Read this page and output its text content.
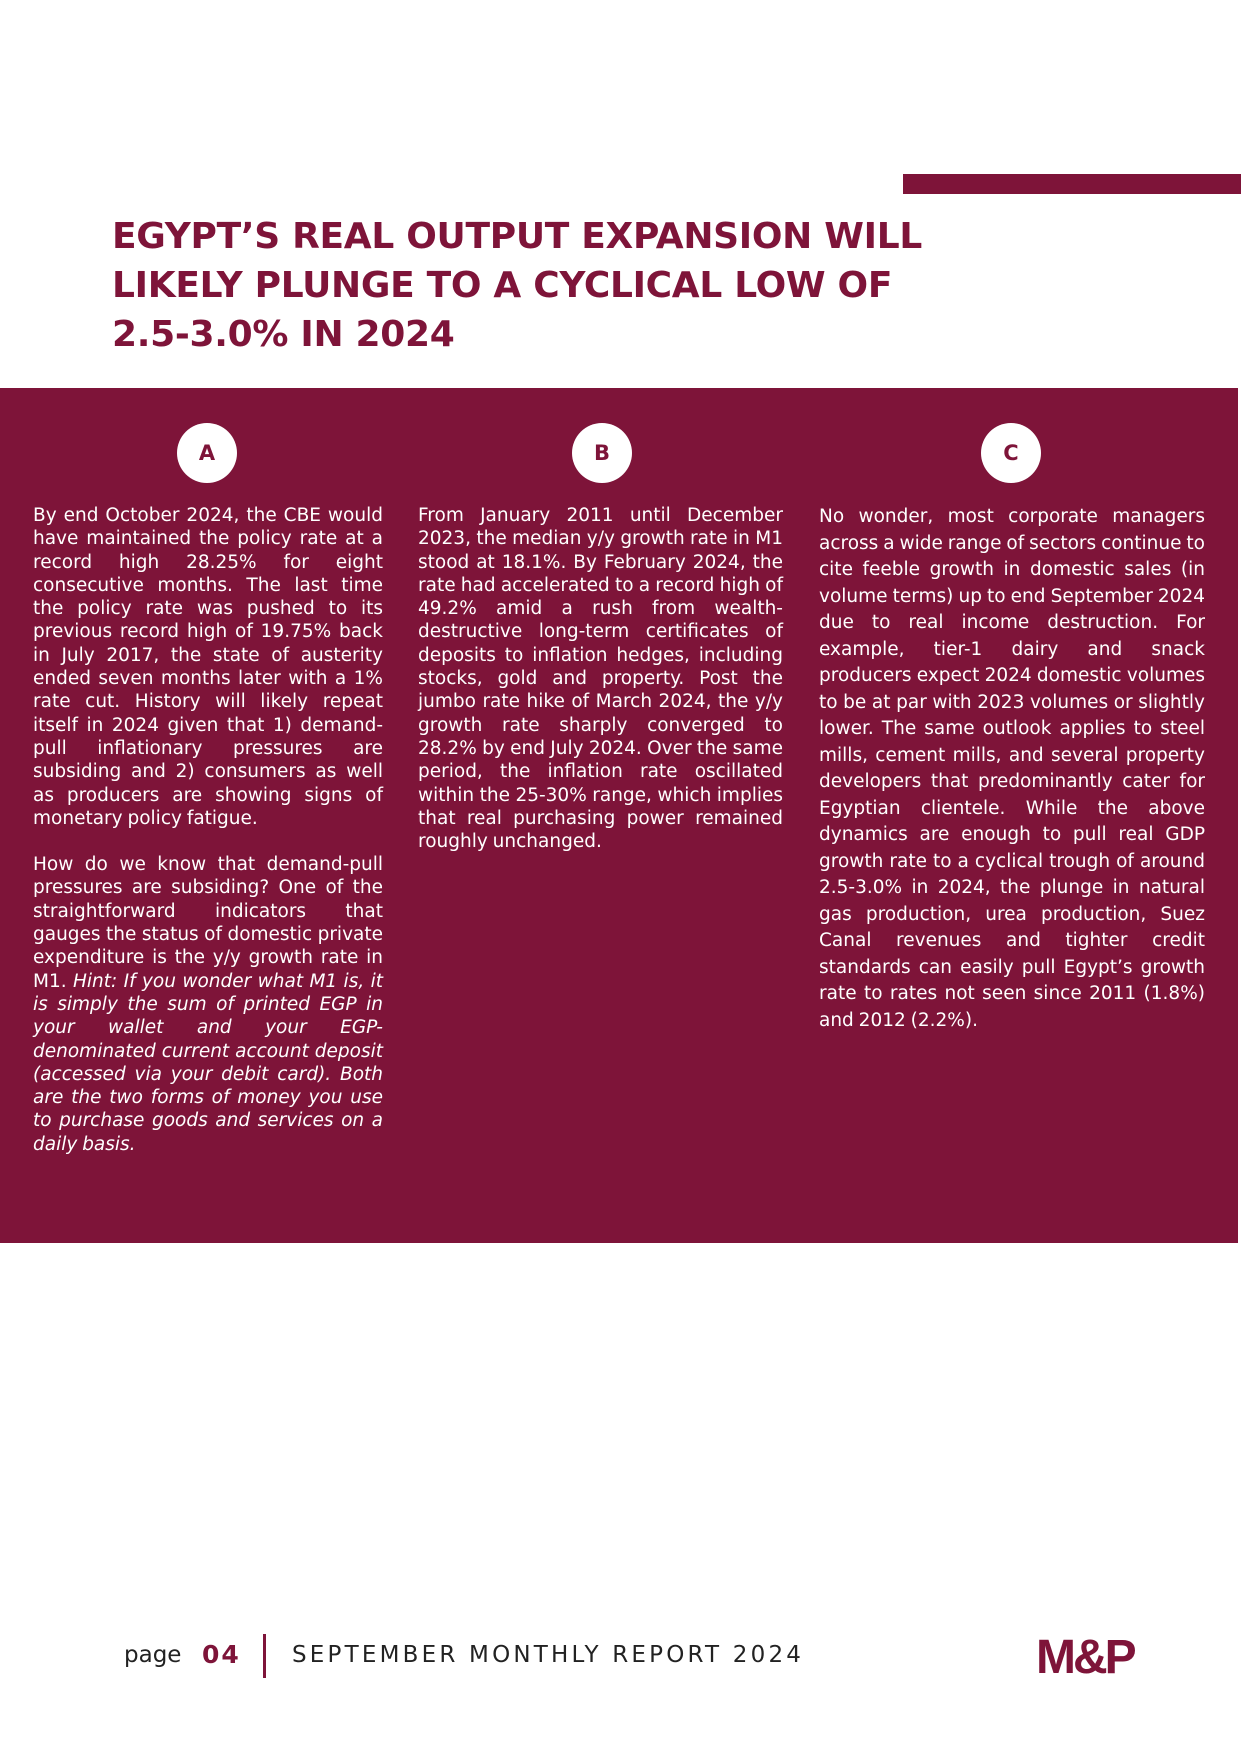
EGYPT’S REAL OUTPUT EXPANSION WILL
LIKELY PLUNGE TO A CYCLICAL LOW OF
2.5-3.0% IN 2024
A	B	C

By end October 2024, the CBE would have maintained the policy rate at a record high 28.25% for eight consecutive months. The last time the policy rate was pushed to its previous record high of 19.75% back in July 2017, the state of austerity ended seven months later with a 1% rate cut. History will likely repeat itself in 2024 given that 1) demand-pull inflationary pressures are subsiding and 2) consumers as well as producers are showing signs of monetary policy fatigue.

How do we know that demand-pull pressures are subsiding? One of the straightforward indicators that gauges the status of domestic private expenditure is the y/y growth rate in M1. Hint: If you wonder what M1 is, it is simply the sum of printed EGP in your wallet and your EGP-denominated current account deposit (accessed via your debit card). Both are the two forms of money you use to purchase goods and services on a daily basis.

From January 2011 until December 2023, the median y/y growth rate in M1 stood at 18.1%. By February 2024, the rate had accelerated to a record high of 49.2% amid a rush from wealth-destructive long-term certificates of deposits to inflation hedges, including stocks, gold and property. Post the jumbo rate hike of March 2024, the y/y growth rate sharply converged to 28.2% by end July 2024. Over the same period, the inflation rate oscillated within the 25-30% range, which implies that real purchasing power remained roughly unchanged.

No wonder, most corporate managers across a wide range of sectors continue to cite feeble growth in domestic sales (in volume terms) up to end September 2024 due to real income destruction. For example, tier-1 dairy and snack producers expect 2024 domestic volumes to be at par with 2023 volumes or slightly lower. The same outlook applies to steel mills, cement mills, and several property developers that predominantly cater for Egyptian clientele. While the above dynamics are enough to pull real GDP growth rate to a cyclical trough of around 2.5-3.0% in 2024, the plunge in natural gas production, urea production, Suez Canal revenues and tighter credit standards can easily pull Egypt’s growth rate to rates not seen since 2011 (1.8%) and 2012 (2.2%).

page 04 SEPTEMBER MONTHLY REPORT 2024	M&P
